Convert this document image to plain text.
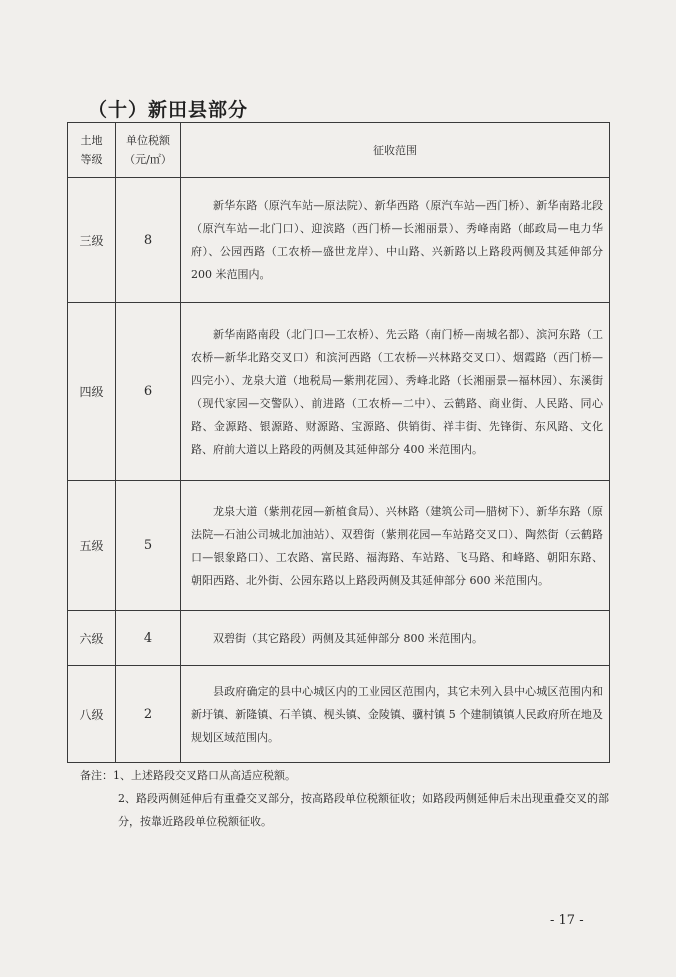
（十）新田县部分
土地等级	单位税额（元/㎡）	征收范围
三级	8	新华东路（原汽车站—原法院）、新华西路（原汽车站—西门桥）、新华南路北段（原汽车站—北门口）、迎滨路（西门桥—长湘丽景）、秀峰南路（邮政局—电力华府）、公园西路（工农桥—盛世龙岸）、中山路、兴新路以上路段两侧及其延伸部分 200 米范围内。
四级	6	新华南路南段（北门口—工农桥）、先云路（南门桥—南城名都）、滨河东路（工农桥—新华北路交叉口）和滨河西路（工农桥—兴林路交叉口）、烟霞路（西门桥—四完小）、龙泉大道（地税局—紫荆花园）、秀峰北路（长湘丽景—福林园）、东溪街（现代家园—交警队）、前进路（工农桥—二中）、云鹤路、商业街、人民路、同心路、金源路、银源路、财源路、宝源路、供销街、祥丰街、先锋街、东风路、文化路、府前大道以上路段的两侧及其延伸部分 400 米范围内。
五级	5	龙泉大道（紫荆花园—新植食局）、兴林路（建筑公司—腊树下）、新华东路（原法院—石油公司城北加油站）、双碧街（紫荆花园—车站路交叉口）、陶然街（云鹤路口—银象路口）、工农路、富民路、福海路、车站路、飞马路、和峰路、朝阳东路、朝阳西路、北外街、公园东路以上路段两侧及其延伸部分 600 米范围内。
六级	4	双碧街（其它路段）两侧及其延伸部分 800 米范围内。
八级	2	县政府确定的县中心城区内的工业园区范围内，其它未列入县中心城区范围内和新圩镇、新隆镇、石羊镇、枧头镇、金陵镇、骥村镇 5 个建制镇镇人民政府所在地及规划区域范围内。
备注：1、上述路段交叉路口从高适应税额。
2、路段两侧延伸后有重叠交叉部分，按高路段单位税额征收；如路段两侧延伸后未出现重叠交叉的部分，按靠近路段单位税额征收。
- 17 -
